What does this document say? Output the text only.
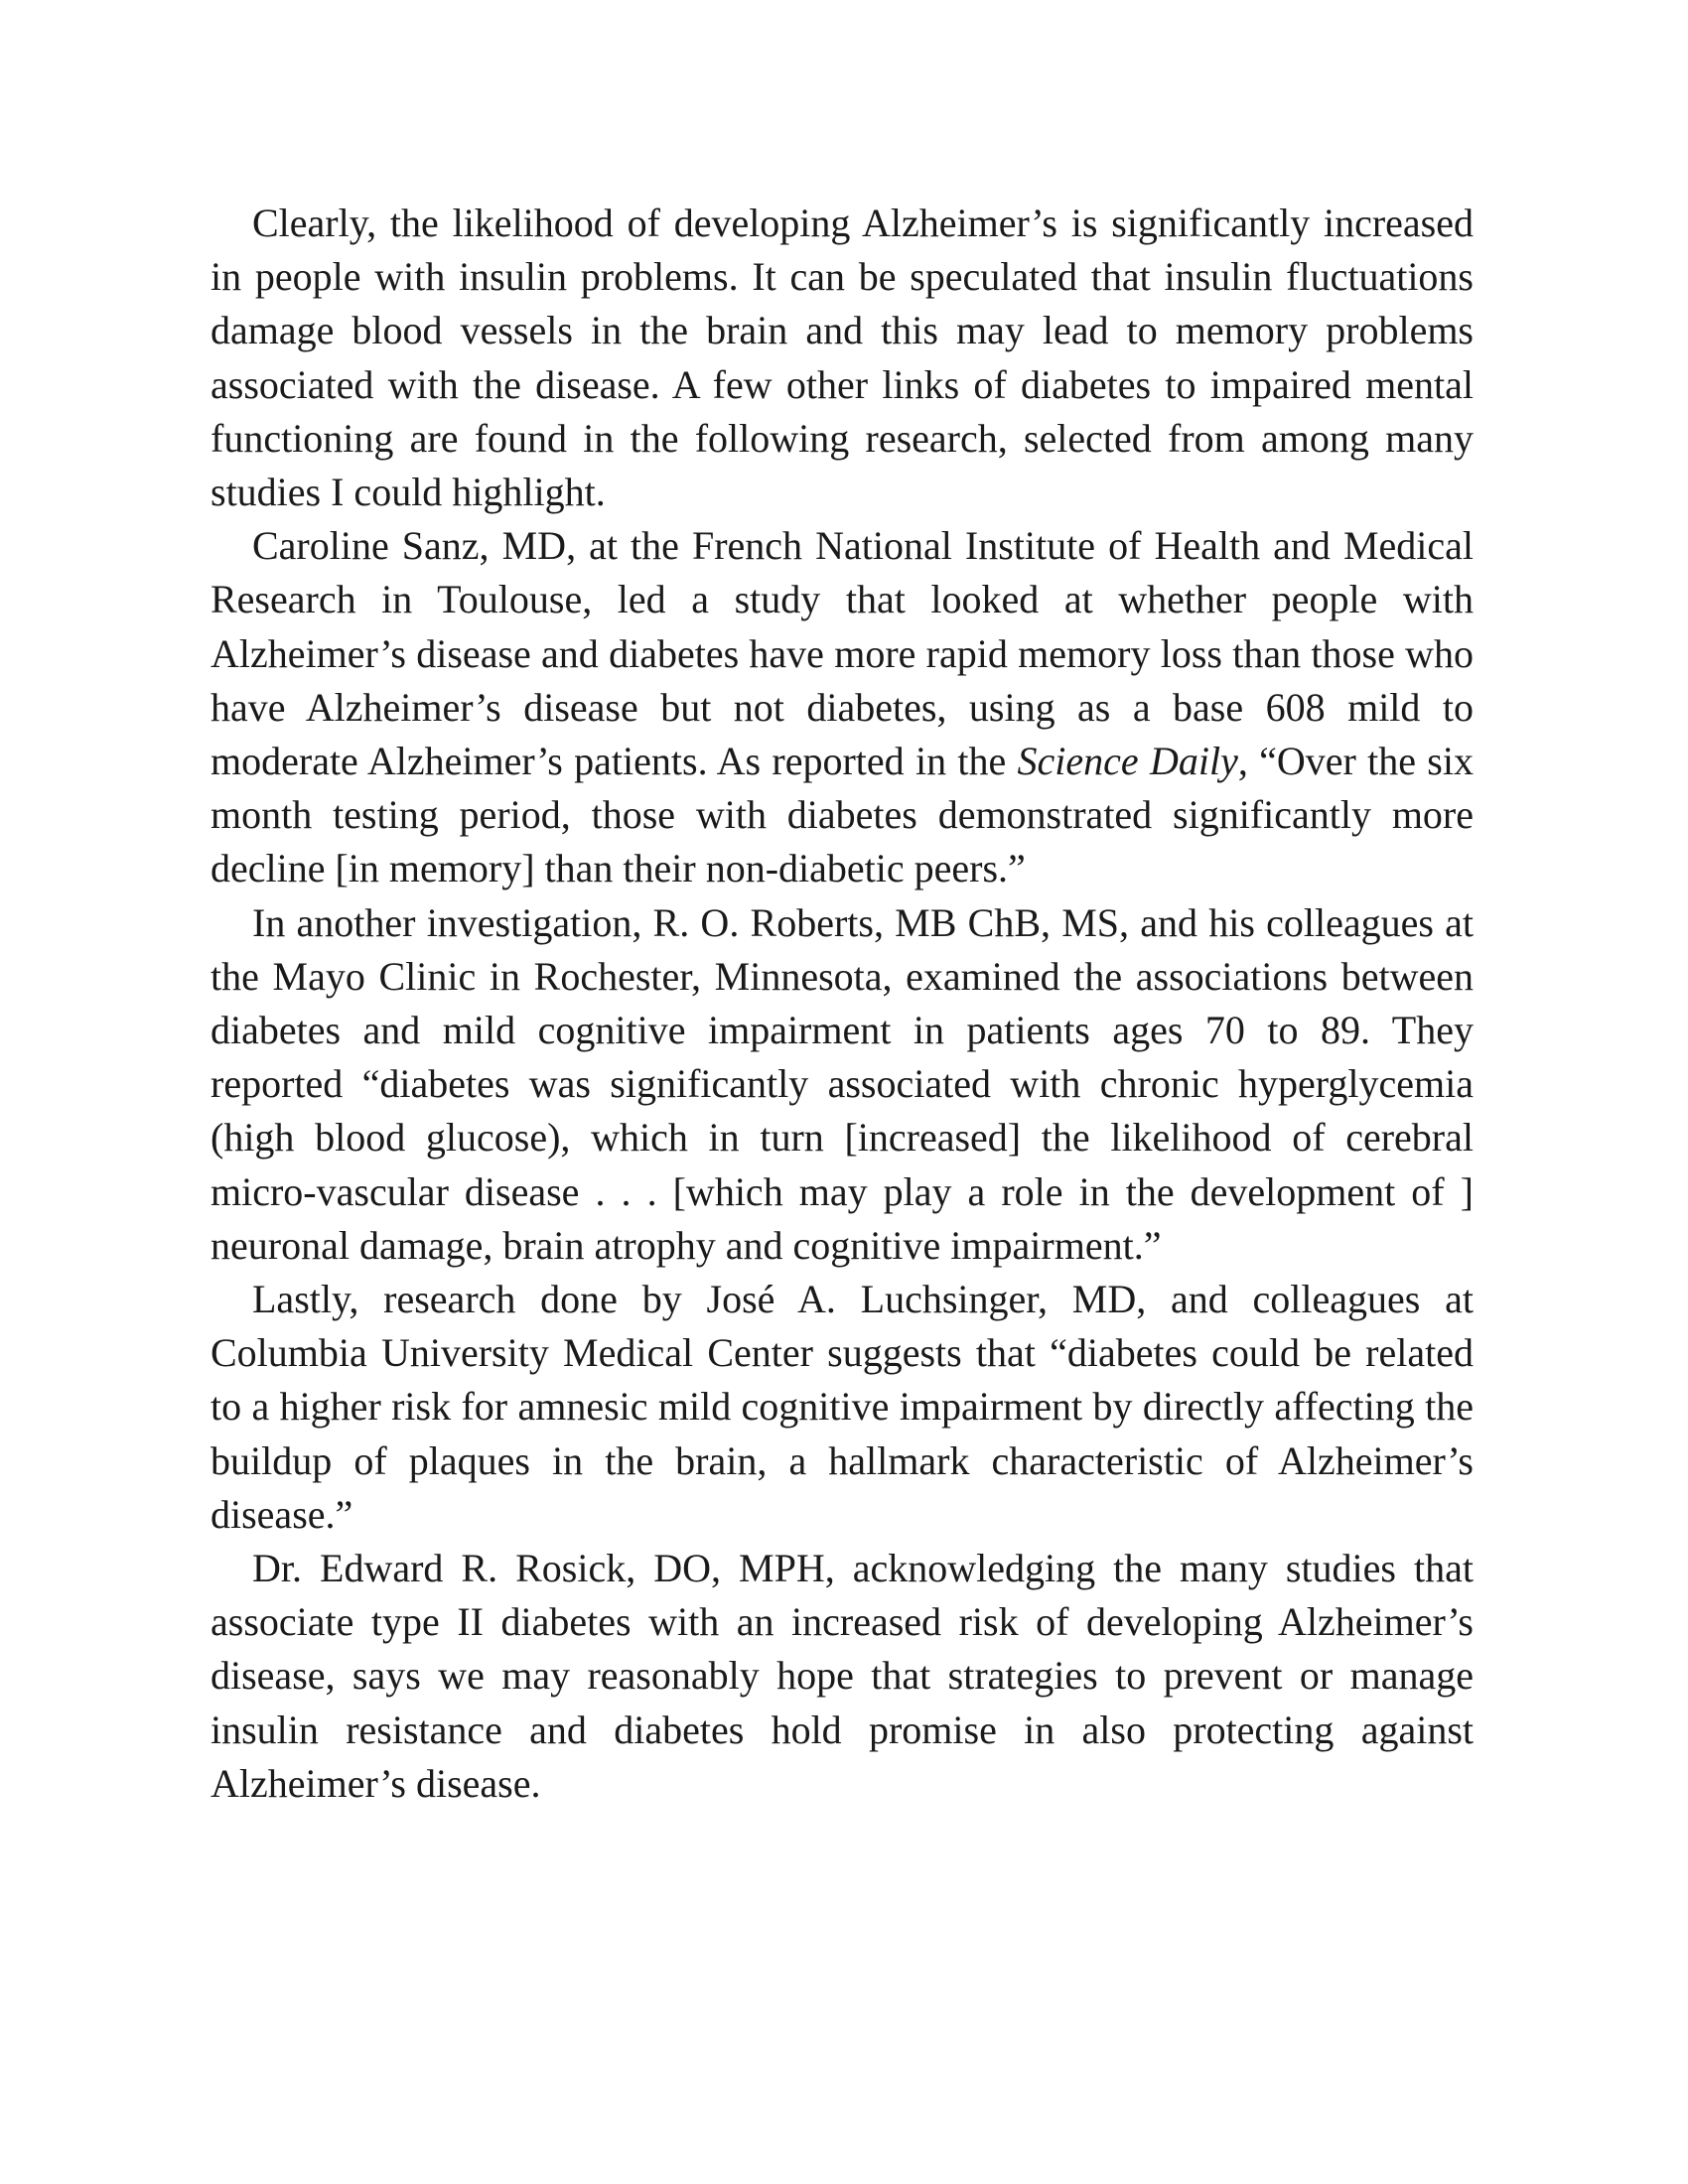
Clearly, the likelihood of developing Alzheimer’s is significantly increased in people with insulin problems. It can be speculated that insulin fluctuations damage blood vessels in the brain and this may lead to memory problems associated with the disease. A few other links of diabetes to impaired mental functioning are found in the following research, selected from among many studies I could highlight.

Caroline Sanz, MD, at the French National Institute of Health and Medical Research in Toulouse, led a study that looked at whether people with Alzheimer’s disease and diabetes have more rapid memory loss than those who have Alzheimer’s disease but not diabetes, using as a base 608 mild to moderate Alzheimer’s patients. As reported in the Science Daily, “Over the six month testing period, those with diabetes demonstrated significantly more decline [in memory] than their non-diabetic peers.”

In another investigation, R. O. Roberts, MB ChB, MS, and his colleagues at the Mayo Clinic in Rochester, Minnesota, examined the associations between diabetes and mild cognitive impairment in patients ages 70 to 89. They reported “diabetes was significantly associated with chronic hyperglycemia (high blood glucose), which in turn [increased] the likelihood of cerebral micro-vascular disease . . . [which may play a role in the development of ] neuronal damage, brain atrophy and cognitive impairment.”

Lastly, research done by José A. Luchsinger, MD, and colleagues at Columbia University Medical Center suggests that “diabetes could be related to a higher risk for amnesic mild cognitive impairment by directly affecting the buildup of plaques in the brain, a hallmark characteristic of Alzheimer’s disease.”

Dr. Edward R. Rosick, DO, MPH, acknowledging the many studies that associate type II diabetes with an increased risk of developing Alzheimer’s disease, says we may reasonably hope that strategies to prevent or manage insulin resistance and diabetes hold promise in also protecting against Alzheimer’s disease.
